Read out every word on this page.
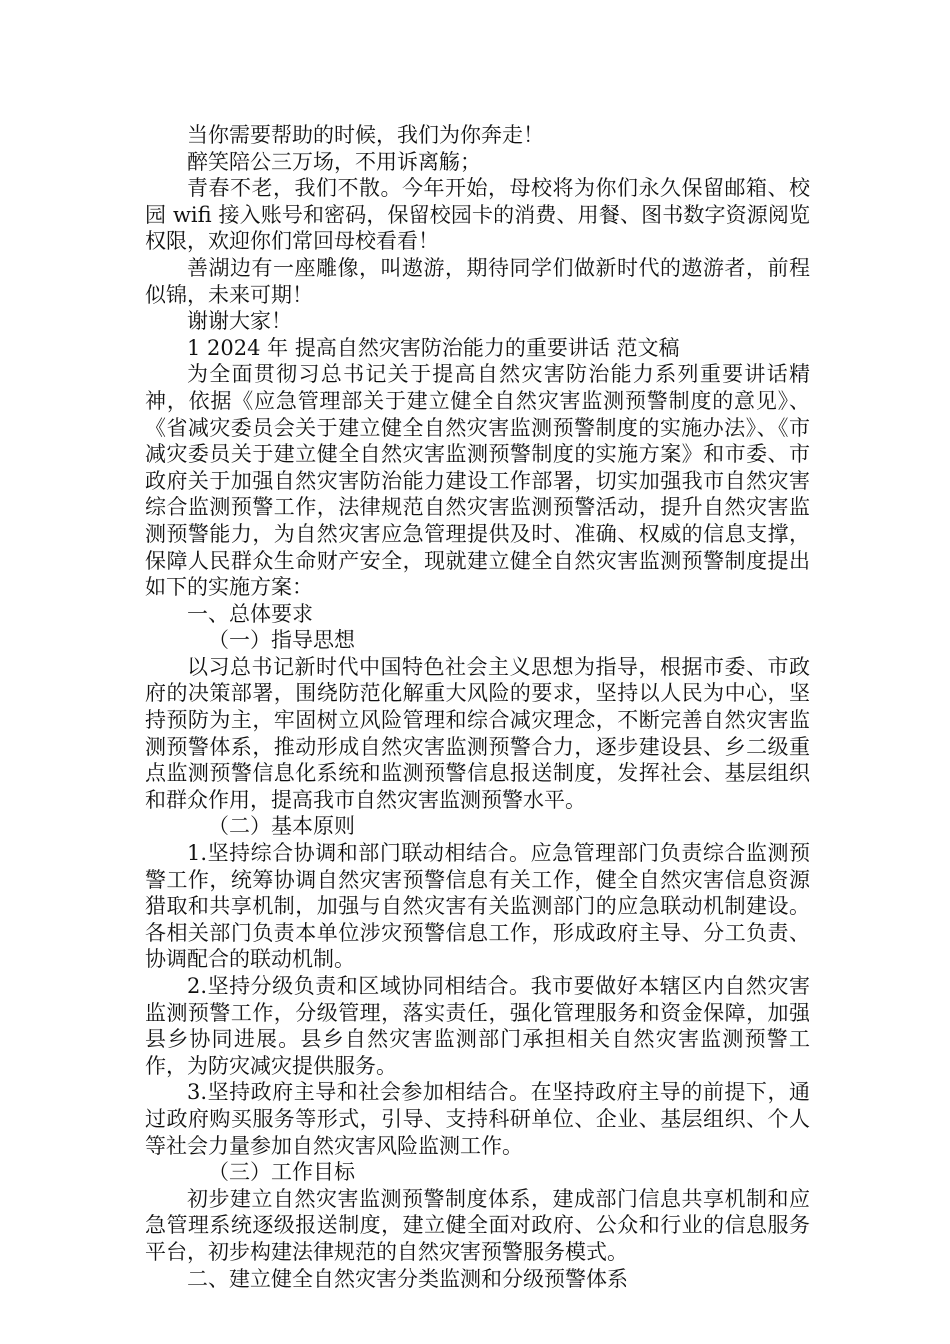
当你需要帮助的时候，我们为你奔走！

醉笑陪公三万场，不用诉离觞；

青春不老，我们不散。今年开始，母校将为你们永久保留邮箱、校园 wifi 接入账号和密码，保留校园卡的消费、用餐、图书数字资源阅览权限，欢迎你们常回母校看看！

善湖边有一座雕像，叫遨游，期待同学们做新时代的遨游者，前程似锦，未来可期！

谢谢大家！

1 2024 年 提高自然灾害防治能力的重要讲话 范文稿

为全面贯彻习总书记关于提高自然灾害防治能力系列重要讲话精神，依据《应急管理部关于建立健全自然灾害监测预警制度的意见》、《省减灾委员会关于建立健全自然灾害监测预警制度的实施办法》、《市减灾委员关于建立健全自然灾害监测预警制度的实施方案》和市委、市政府关于加强自然灾害防治能力建设工作部署，切实加强我市自然灾害综合监测预警工作，法律规范自然灾害监测预警活动，提升自然灾害监测预警能力，为自然灾害应急管理提供及时、准确、权威的信息支撑，保障人民群众生命财产安全，现就建立健全自然灾害监测预警制度提出如下的实施方案：

一、总体要求

（一）指导思想

以习总书记新时代中国特色社会主义思想为指导，根据市委、市政府的决策部署，围绕防范化解重大风险的要求，坚持以人民为中心，坚持预防为主，牢固树立风险管理和综合减灾理念，不断完善自然灾害监测预警体系，推动形成自然灾害监测预警合力，逐步建设县、乡二级重点监测预警信息化系统和监测预警信息报送制度，发挥社会、基层组织和群众作用，提高我市自然灾害监测预警水平。

（二）基本原则

1.坚持综合协调和部门联动相结合。应急管理部门负责综合监测预警工作，统筹协调自然灾害预警信息有关工作，健全自然灾害信息资源猎取和共享机制，加强与自然灾害有关监测部门的应急联动机制建设。各相关部门负责本单位涉灾预警信息工作，形成政府主导、分工负责、协调配合的联动机制。

2.坚持分级负责和区域协同相结合。我市要做好本辖区内自然灾害监测预警工作，分级管理，落实责任，强化管理服务和资金保障，加强县乡协同进展。县乡自然灾害监测部门承担相关自然灾害监测预警工作，为防灾减灾提供服务。

3.坚持政府主导和社会参加相结合。在坚持政府主导的前提下，通过政府购买服务等形式，引导、支持科研单位、企业、基层组织、个人等社会力量参加自然灾害风险监测工作。

（三）工作目标

初步建立自然灾害监测预警制度体系，建成部门信息共享机制和应急管理系统逐级报送制度，建立健全面对政府、公众和行业的信息服务平台，初步构建法律规范的自然灾害预警服务模式。

二、建立健全自然灾害分类监测和分级预警体系
